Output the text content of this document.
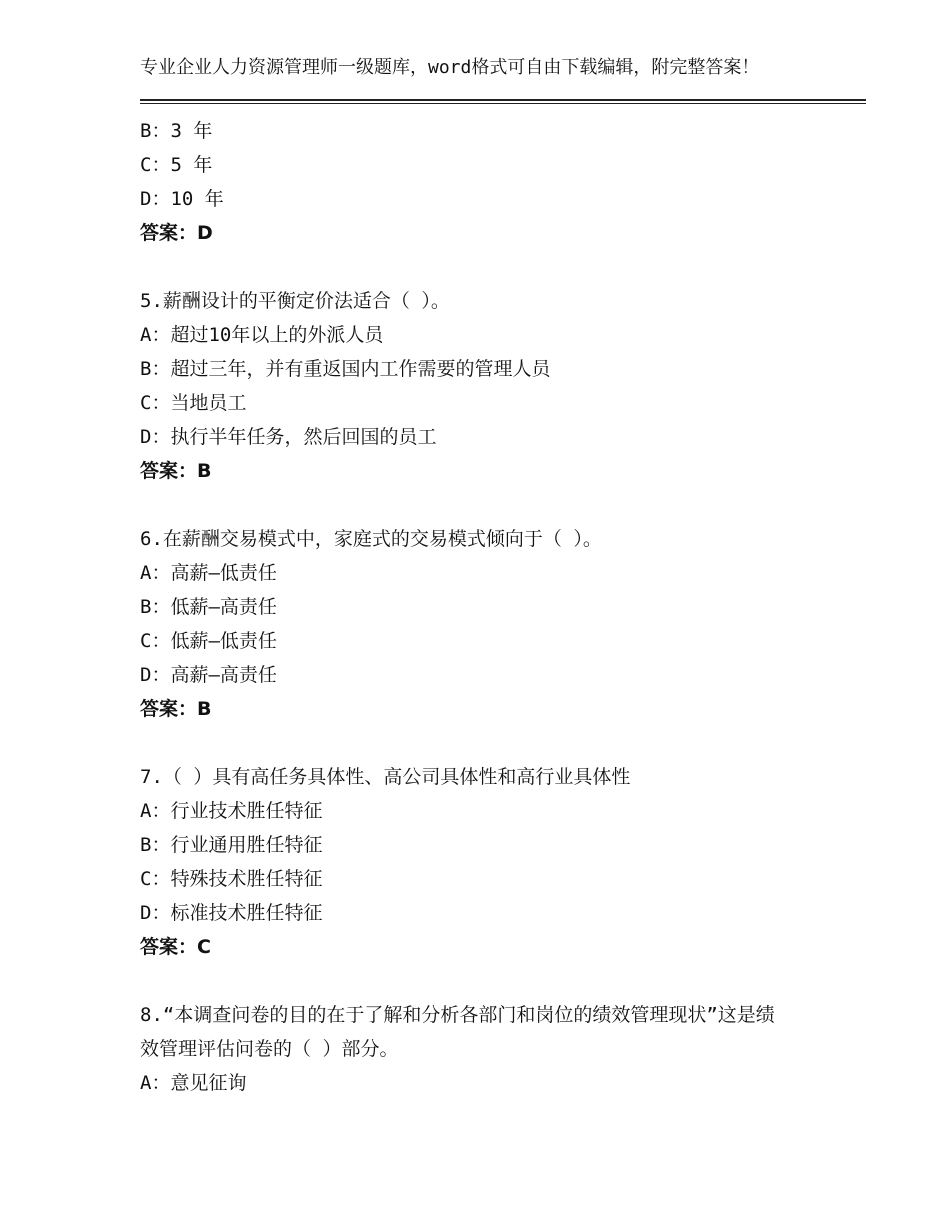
专业企业人力资源管理师一级题库，word格式可自由下载编辑，附完整答案！
B：3 年
C：5 年
D：10 年
答案：D
5.薪酬设计的平衡定价法适合（ ）。
A：超过10年以上的外派人员
B：超过三年，并有重返国内工作需要的管理人员
C：当地员工
D：执行半年任务，然后回国的员工
答案：B
6.在薪酬交易模式中，家庭式的交易模式倾向于（ ）。
A：高薪—低责任
B：低薪—高责任
C：低薪—低责任
D：高薪—高责任
答案：B
7.（ ）具有高任务具体性、高公司具体性和高行业具体性
A：行业技术胜任特征
B：行业通用胜任特征
C：特殊技术胜任特征
D：标准技术胜任特征
答案：C
8.“本调查问卷的目的在于了解和分析各部门和岗位的绩效管理现状”这是绩效管理评估问卷的（ ）部分。
A：意见征询
